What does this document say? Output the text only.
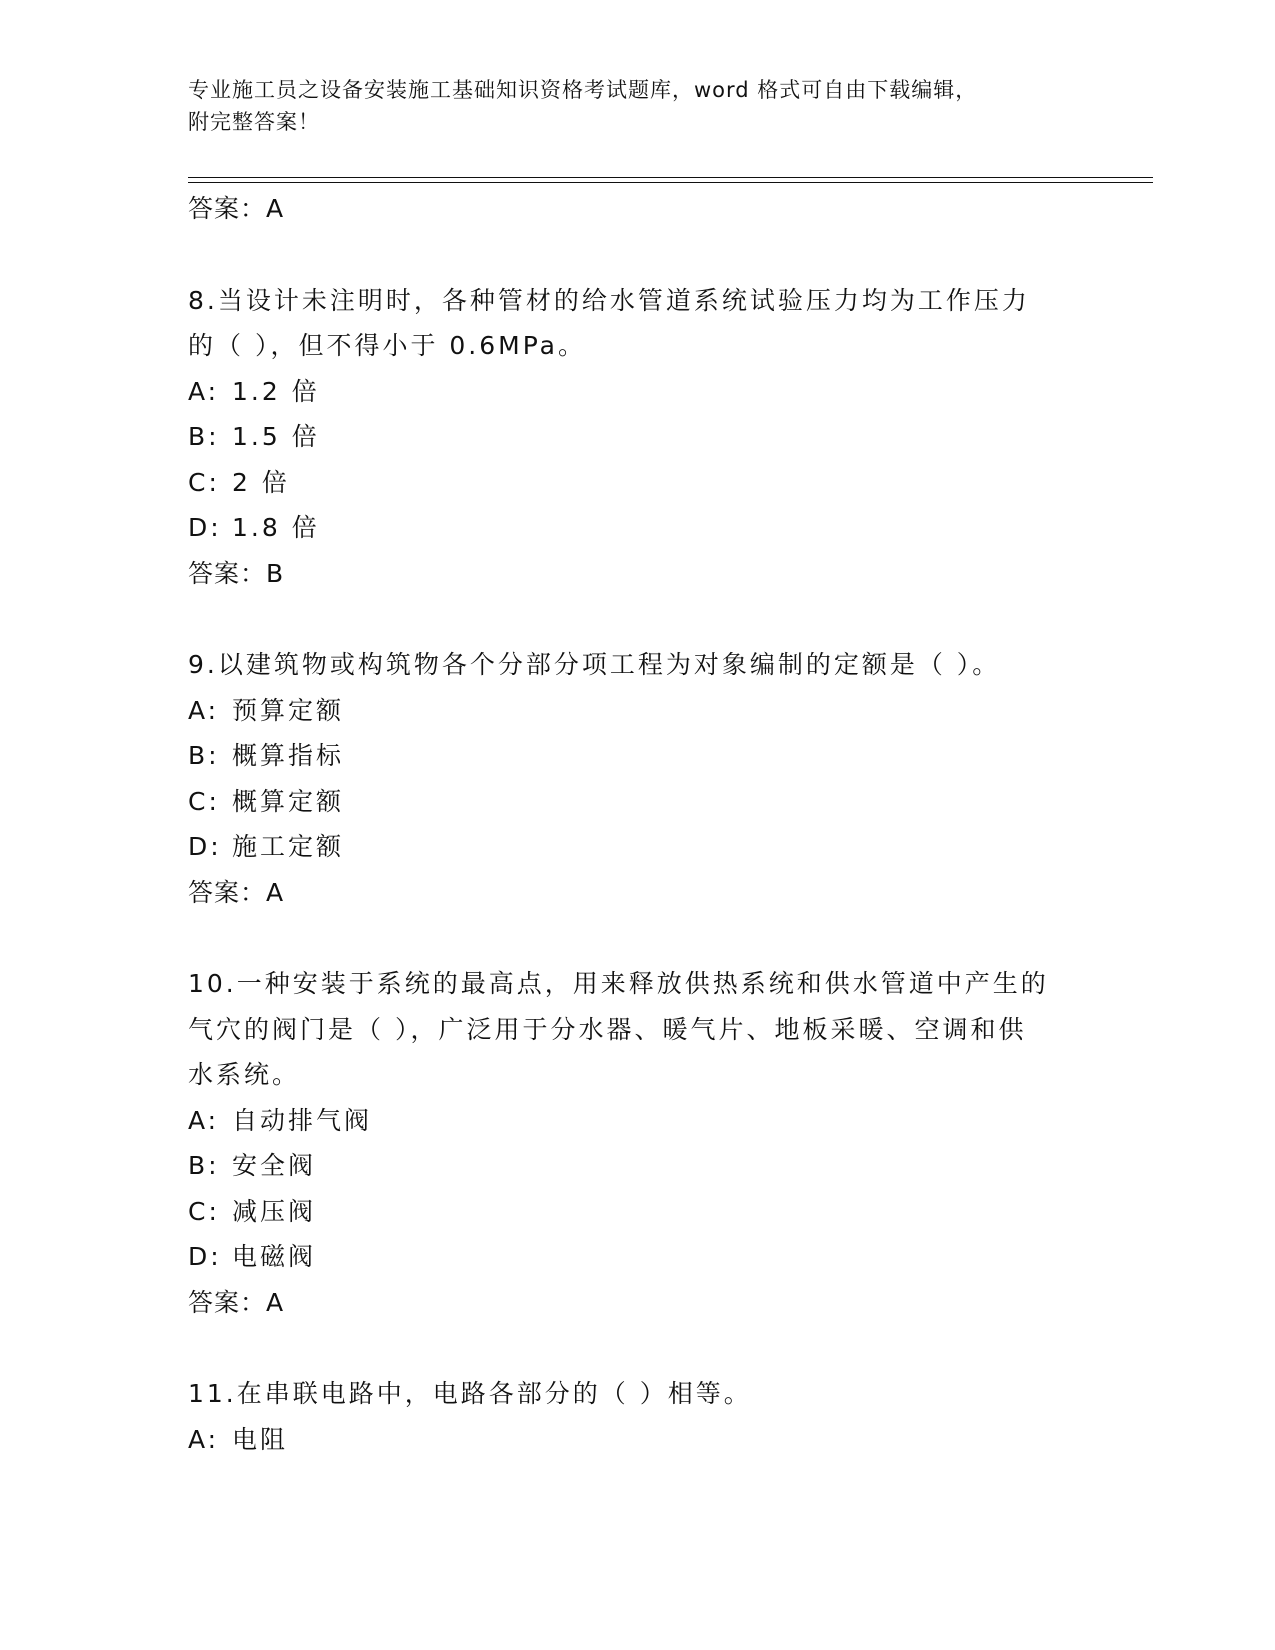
专业施工员之设备安装施工基础知识资格考试题库，word 格式可自由下载编辑，
附完整答案！
答案：A
8.当设计未注明时，各种管材的给水管道系统试验压力均为工作压力
的（ ），但不得小于 0.6MPa。
A: 1.2 倍
B: 1.5 倍
C: 2 倍
D: 1.8 倍
答案：B
9.以建筑物或构筑物各个分部分项工程为对象编制的定额是（ ）。
A: 预算定额
B: 概算指标
C: 概算定额
D: 施工定额
答案：A
10.一种安装于系统的最高点，用来释放供热系统和供水管道中产生的
气穴的阀门是（ ），广泛用于分水器、暖气片、地板采暖、空调和供
水系统。
A: 自动排气阀
B: 安全阀
C: 减压阀
D: 电磁阀
答案：A
11.在串联电路中，电路各部分的（ ）相等。
A: 电阻
